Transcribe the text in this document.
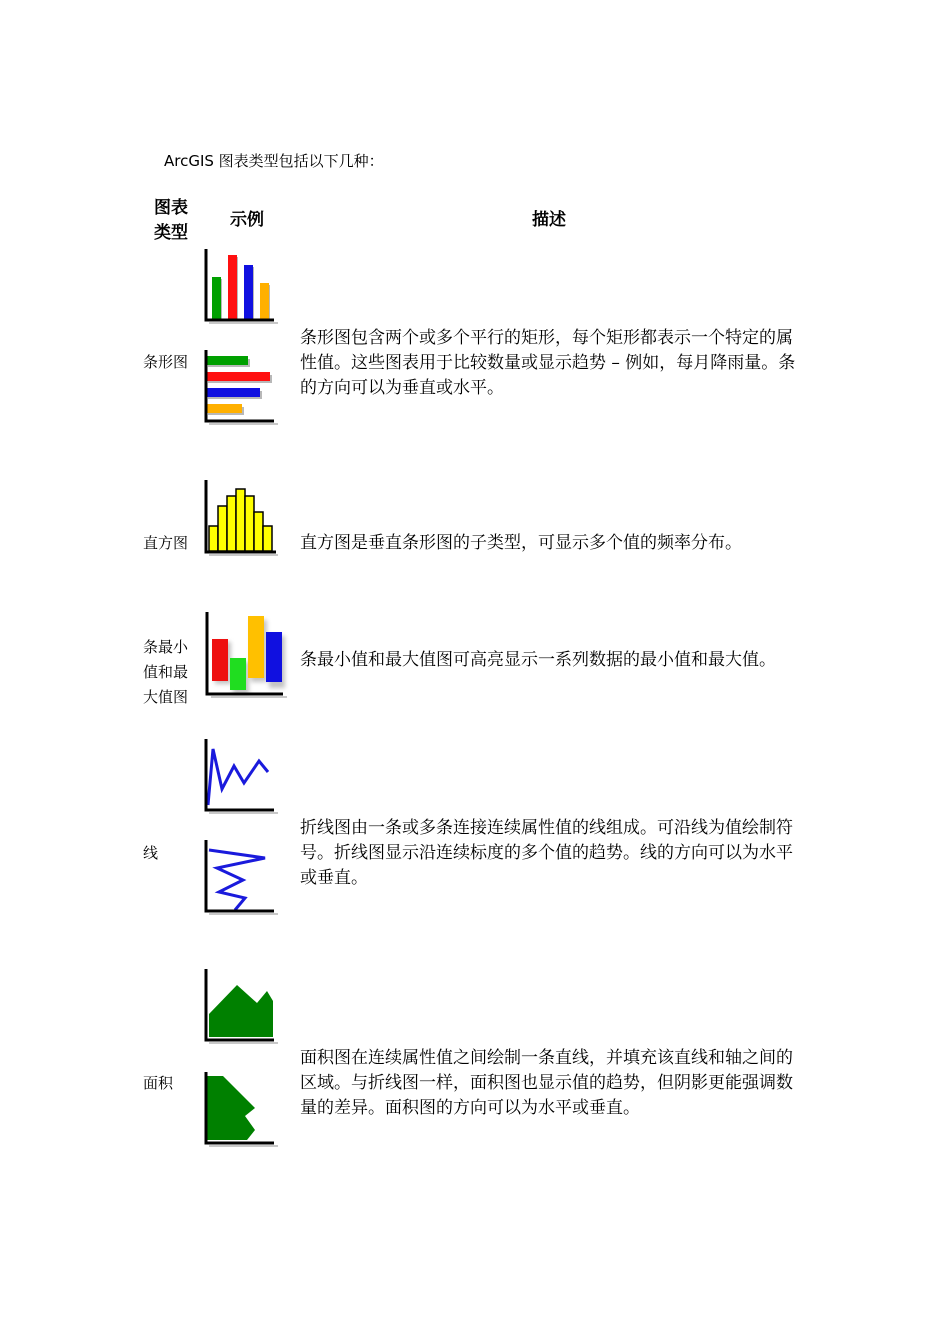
ArcGIS 图表类型包括以下几种：
图表
类型
示例	描述
条形图
条形图包含两个或多个平行的矩形，每个矩形都表示一个特定的属性值。这些图表用于比较数量或显示趋势 – 例如，每月降雨量。条的方向可以为垂直或水平。
直方图	直方图是垂直条形图的子类型，可显示多个值的频率分布。
条最小
值和最
大值图
条最小值和最大值图可高亮显示一系列数据的最小值和最大值。
线
折线图由一条或多条连接连续属性值的线组成。可沿线为值绘制符号。折线图显示沿连续标度的多个值的趋势。线的方向可以为水平或垂直。
面积
面积图在连续属性值之间绘制一条直线，并填充该直线和轴之间的区域。与折线图一样，面积图也显示值的趋势，但阴影更能强调数量的差异。面积图的方向可以为水平或垂直。
